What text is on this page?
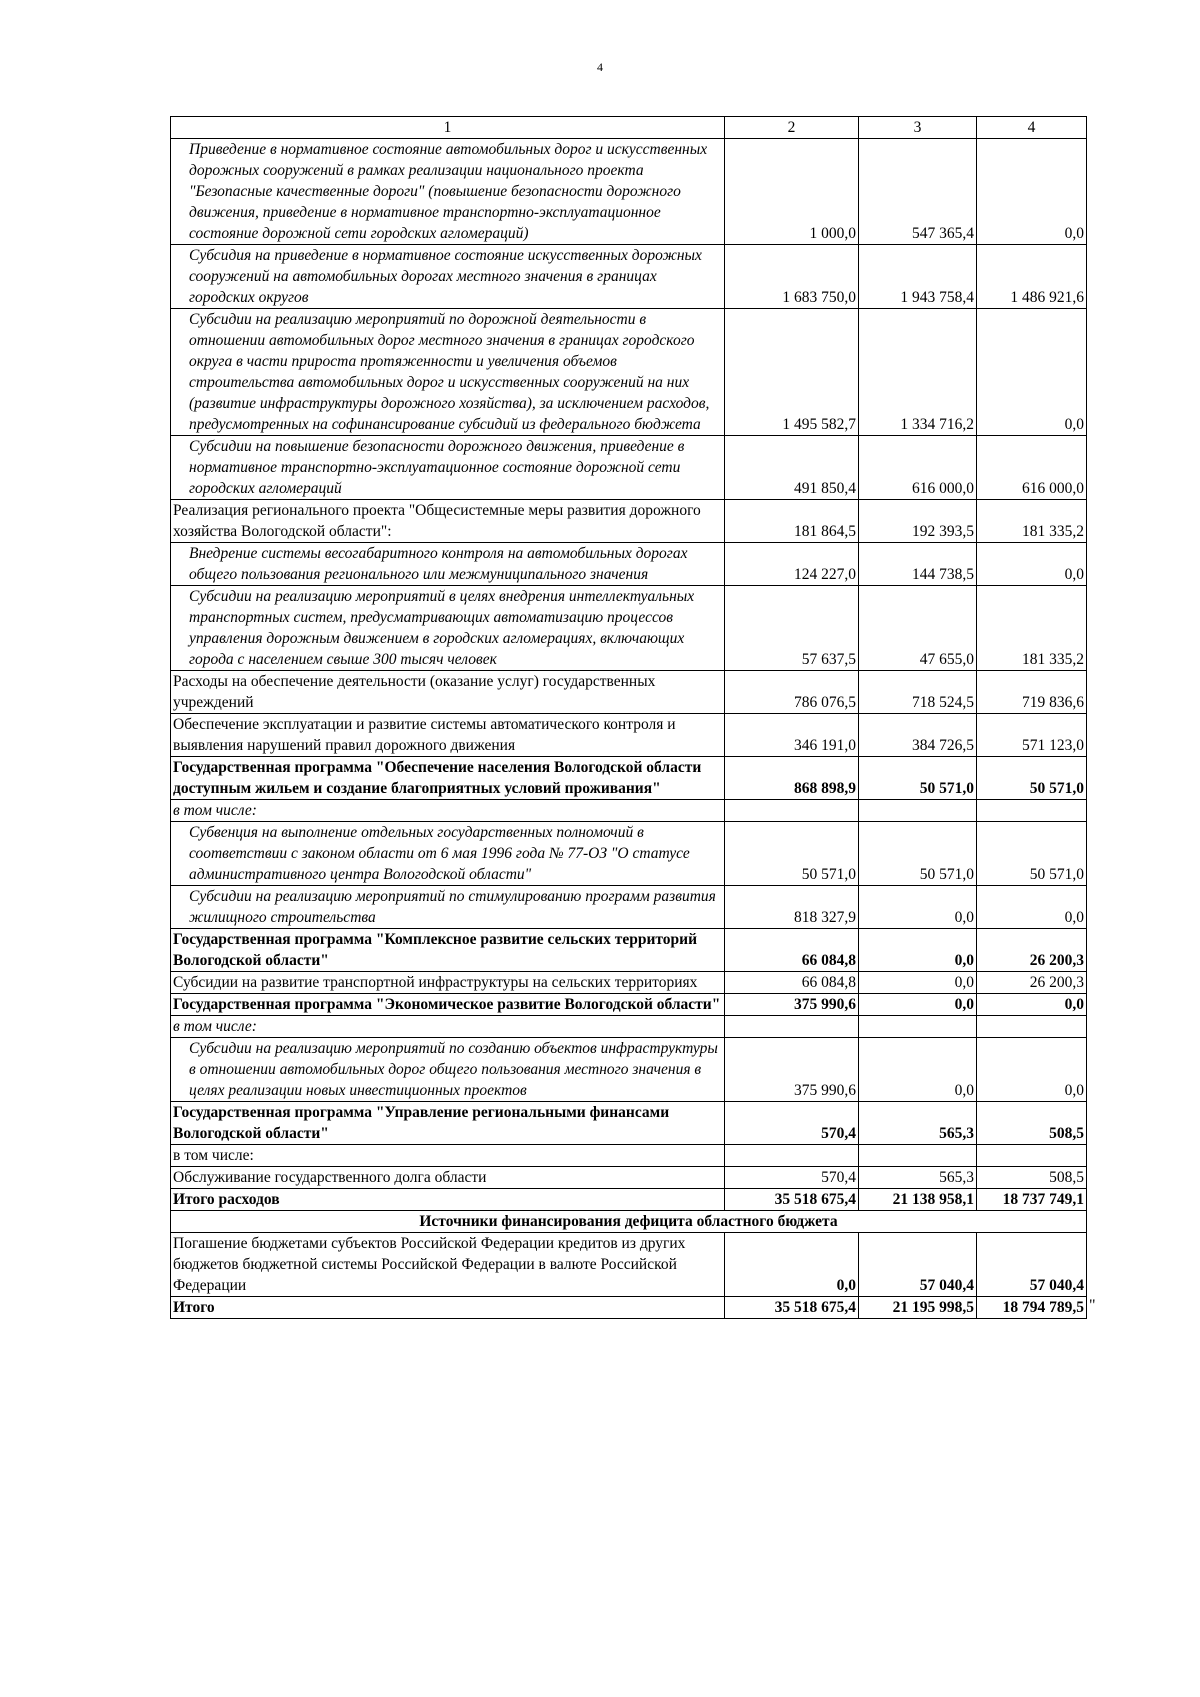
4
1	2	3	4
Приведение в нормативное состояние автомобильных дорог и искусственных дорожных сооружений в рамках реализации национального проекта "Безопасные качественные дороги" (повышение безопасности дорожного движения, приведение в нормативное транспортно-эксплуатационное состояние дорожной сети городских агломераций)	1 000,0	547 365,4	0,0
Субсидия на приведение в нормативное состояние искусственных дорожных сооружений на автомобильных дорогах местного значения в границах городских округов	1 683 750,0	1 943 758,4	1 486 921,6
Субсидии на реализацию мероприятий по дорожной деятельности в отношении автомобильных дорог местного значения в границах городского округа в части прироста протяженности и увеличения объемов строительства автомобильных дорог и искусственных сооружений на них (развитие инфраструктуры дорожного хозяйства), за исключением расходов, предусмотренных на софинансирование субсидий из федерального бюджета	1 495 582,7	1 334 716,2	0,0
Субсидии на повышение безопасности дорожного движения, приведение в нормативное транспортно-эксплуатационное состояние дорожной сети городских агломераций	491 850,4	616 000,0	616 000,0
Реализация регионального проекта "Общесистемные меры развития дорожного хозяйства Вологодской области":	181 864,5	192 393,5	181 335,2
Внедрение системы весогабаритного контроля на автомобильных дорогах общего пользования регионального или межмуниципального значения	124 227,0	144 738,5	0,0
Субсидии на реализацию мероприятий в целях внедрения интеллектуальных транспортных систем, предусматривающих автоматизацию процессов управления дорожным движением в городских агломерациях, включающих города с населением свыше 300 тысяч человек	57 637,5	47 655,0	181 335,2
Расходы на обеспечение деятельности (оказание услуг) государственных учреждений	786 076,5	718 524,5	719 836,6
Обеспечение эксплуатации и развитие системы автоматического контроля и выявления нарушений правил дорожного движения	346 191,0	384 726,5	571 123,0
Государственная программа "Обеспечение населения Вологодской области доступным жильем и создание благоприятных условий проживания"	868 898,9	50 571,0	50 571,0
в том числе:			
Субвенция на выполнение отдельных государственных полномочий в соответствии с законом области от 6 мая 1996 года № 77-ОЗ "О статусе административного центра Вологодской области"	50 571,0	50 571,0	50 571,0
Субсидии на реализацию мероприятий по стимулированию программ развития жилищного строительства	818 327,9	0,0	0,0
Государственная программа "Комплексное развитие сельских территорий Вологодской области"	66 084,8	0,0	26 200,3
Субсидии на развитие транспортной инфраструктуры на сельских территориях	66 084,8	0,0	26 200,3
Государственная программа "Экономическое развитие Вологодской области"	375 990,6	0,0	0,0
в том числе:			
Субсидии на реализацию мероприятий по созданию объектов инфраструктуры в отношении автомобильных дорог общего пользования местного значения в целях реализации новых инвестиционных проектов	375 990,6	0,0	0,0
Государственная программа "Управление региональными финансами Вологодской области"	570,4	565,3	508,5
в том числе:			
Обслуживание государственного долга области	570,4	565,3	508,5
Итого расходов	35 518 675,4	21 138 958,1	18 737 749,1
Источники финансирования дефицита областного бюджета			
Погашение бюджетами субъектов Российской Федерации кредитов из других бюджетов бюджетной системы Российской Федерации в валюте Российской Федерации	0,0	57 040,4	57 040,4
Итого	35 518 675,4	21 195 998,5	18 794 789,5 "
